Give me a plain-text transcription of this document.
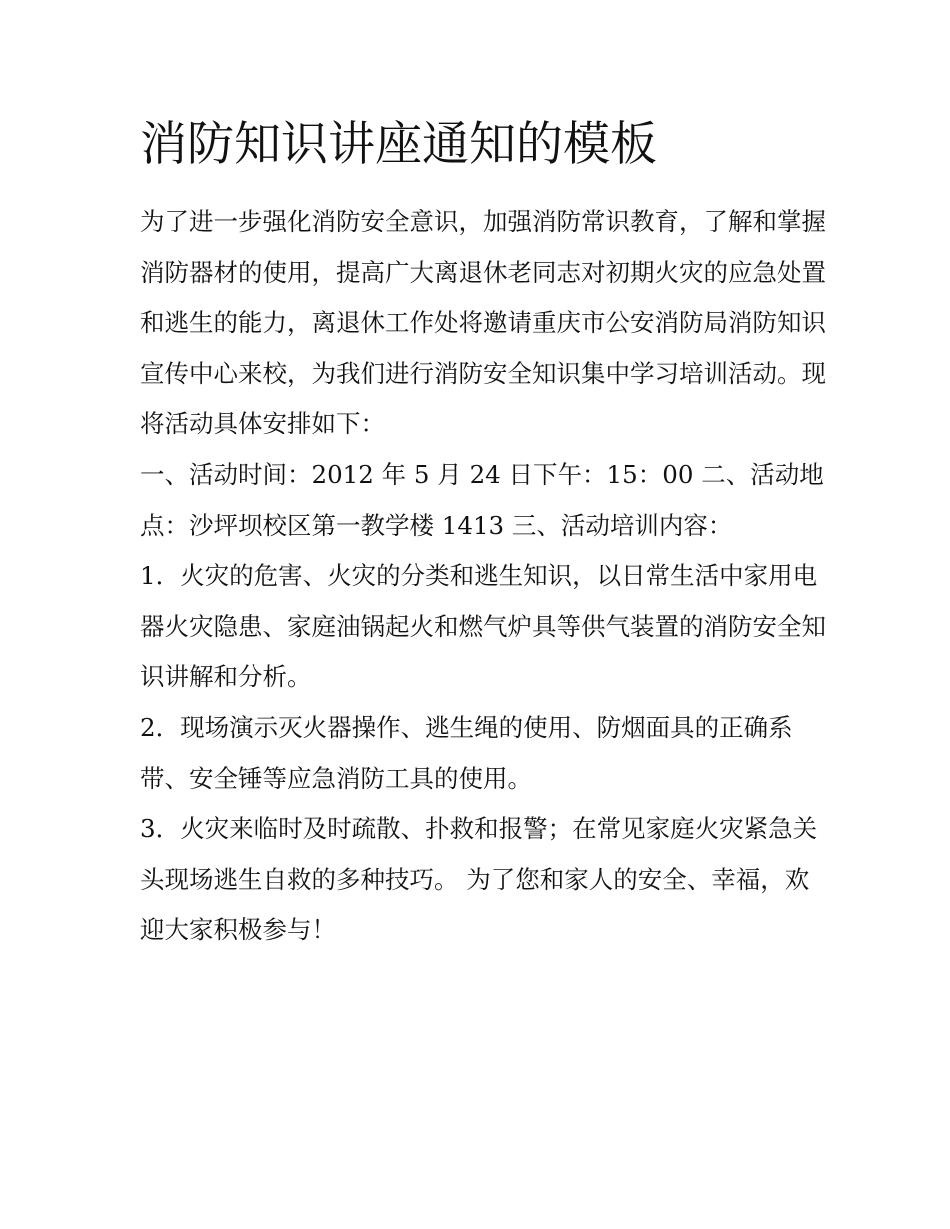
消防知识讲座通知的模板

为了进一步强化消防安全意识，加强消防常识教育，了解和掌握消防器材的使用，提高广大离退休老同志对初期火灾的应急处置和逃生的能力，离退休工作处将邀请重庆市公安消防局消防知识宣传中心来校，为我们进行消防安全知识集中学习培训活动。现将活动具体安排如下：

一、活动时间：2012 年 5 月 24 日下午：15：00 二、活动地点：沙坪坝校区第一教学楼 1413 三、活动培训内容：

1．火灾的危害、火灾的分类和逃生知识，以日常生活中家用电器火灾隐患、家庭油锅起火和燃气炉具等供气装置的消防安全知识讲解和分析。

2．现场演示灭火器操作、逃生绳的使用、防烟面具的正确系带、安全锤等应急消防工具的使用。

3．火灾来临时及时疏散、扑救和报警；在常见家庭火灾紧急关头现场逃生自救的多种技巧。 为了您和家人的安全、幸福，欢迎大家积极参与！
